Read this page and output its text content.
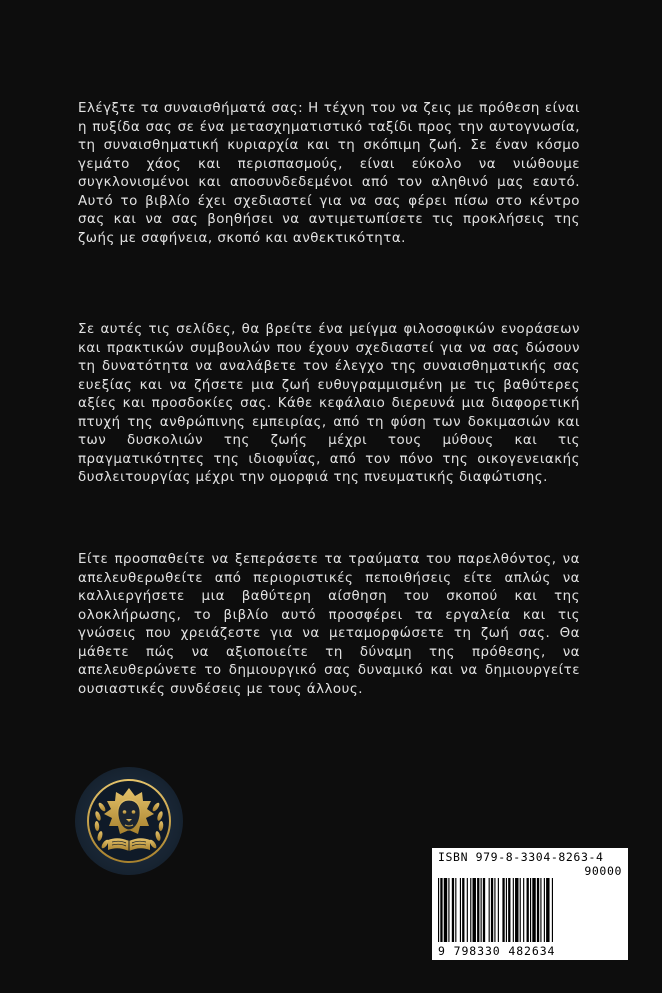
Ελέγξτε τα συναισθήματά σας: Η τέχνη του να ζεις με πρόθεση είναι η πυξίδα σας σε ένα μετασχηματιστικό ταξίδι προς την αυτογνωσία, τη συναισθηματική κυριαρχία και τη σκόπιμη ζωή. Σε έναν κόσμο γεμάτο χάος και περισπασμούς, είναι εύκολο να νιώθουμε συγκλονισμένοι και αποσυνδεδεμένοι από τον αληθινό μας εαυτό. Αυτό το βιβλίο έχει σχεδιαστεί για να σας φέρει πίσω στο κέντρο σας και να σας βοηθήσει να αντιμετωπίσετε τις προκλήσεις της ζωής με σαφήνεια, σκοπό και ανθεκτικότητα.

Σε αυτές τις σελίδες, θα βρείτε ένα μείγμα φιλοσοφικών ενοράσεων και πρακτικών συμβουλών που έχουν σχεδιαστεί για να σας δώσουν τη δυνατότητα να αναλάβετε τον έλεγχο της συναισθηματικής σας ευεξίας και να ζήσετε μια ζωή ευθυγραμμισμένη με τις βαθύτερες αξίες και προσδοκίες σας. Κάθε κεφάλαιο διερευνά μια διαφορετική πτυχή της ανθρώπινης εμπειρίας, από τη φύση των δοκιμασιών και των δυσκολιών της ζωής μέχρι τους μύθους και τις πραγματικότητες της ιδιοφυΐας, από τον πόνο της οικογενειακής δυσλειτουργίας μέχρι την ομορφιά της πνευματικής διαφώτισης.

Είτε προσπαθείτε να ξεπεράσετε τα τραύματα του παρελθόντος, να απελευθερωθείτε από περιοριστικές πεποιθήσεις είτε απλώς να καλλιεργήσετε μια βαθύτερη αίσθηση του σκοπού και της ολοκλήρωσης, το βιβλίο αυτό προσφέρει τα εργαλεία και τις γνώσεις που χρειάζεστε για να μεταμορφώσετε τη ζωή σας. Θα μάθετε πώς να αξιοποιείτε τη δύναμη της πρόθεσης, να απελευθερώνετε το δημιουργικό σας δυναμικό και να δημιουργείτε ουσιαστικές συνδέσεις με τους άλλους.

ISBN 979-8-3304-8263-4
90000
9 798330 482634
